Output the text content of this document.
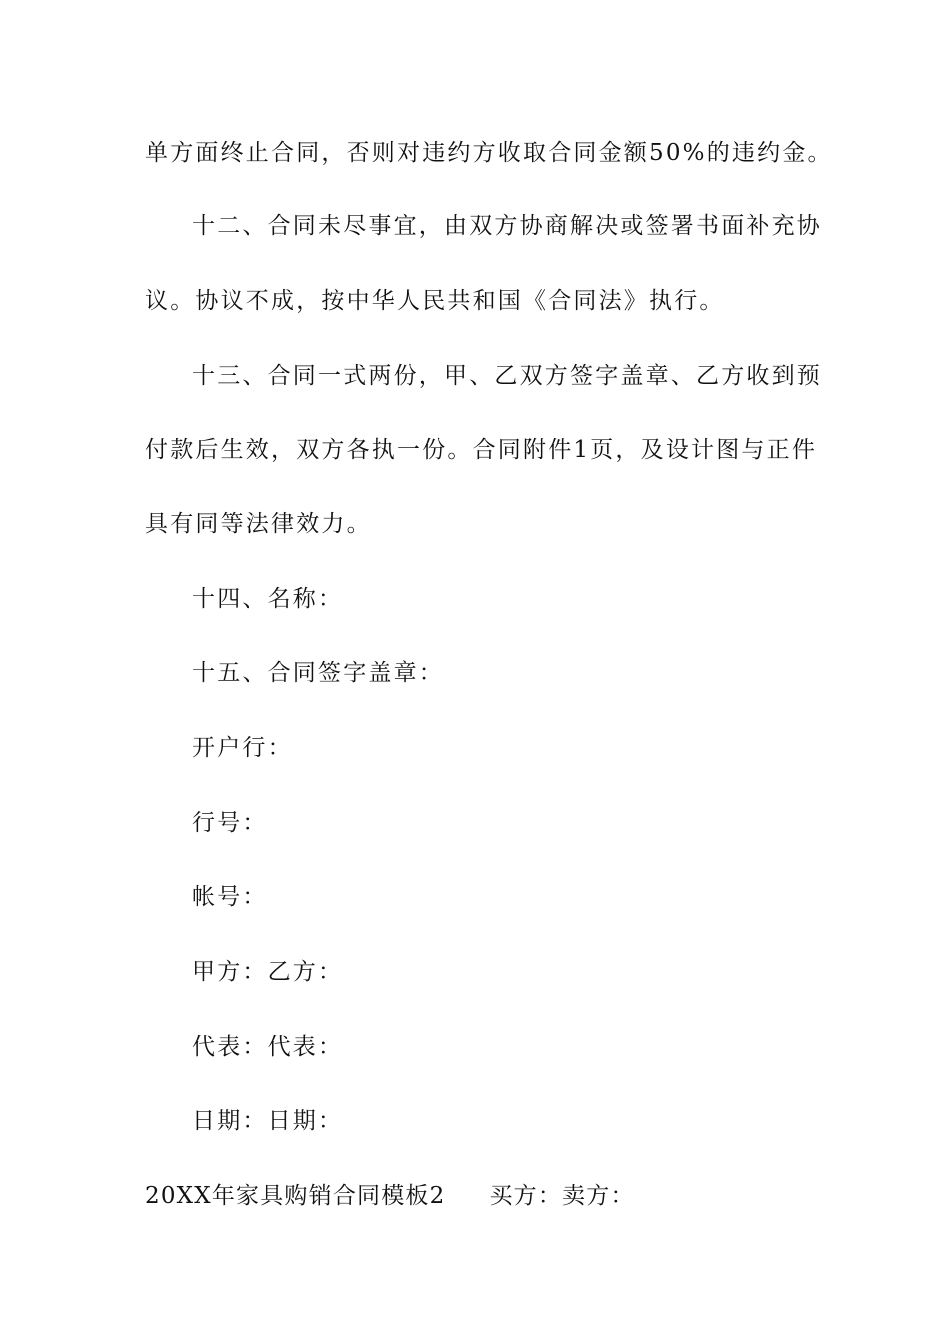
单方面终止合同，否则对违约方收取合同金额50%的违约金。
十二、合同未尽事宜，由双方协商解决或签署书面补充协
议。协议不成，按中华人民共和国《合同法》执行。
十三、合同一式两份，甲、乙双方签字盖章、乙方收到预
付款后生效，双方各执一份。合同附件1页，及设计图与正件
具有同等法律效力。
十四、名称：
十五、合同签字盖章：
开户行：
行号：
帐号：
甲方：乙方：
代表：代表：
日期：日期：
20XX年家具购销合同模板2 买方：卖方：
